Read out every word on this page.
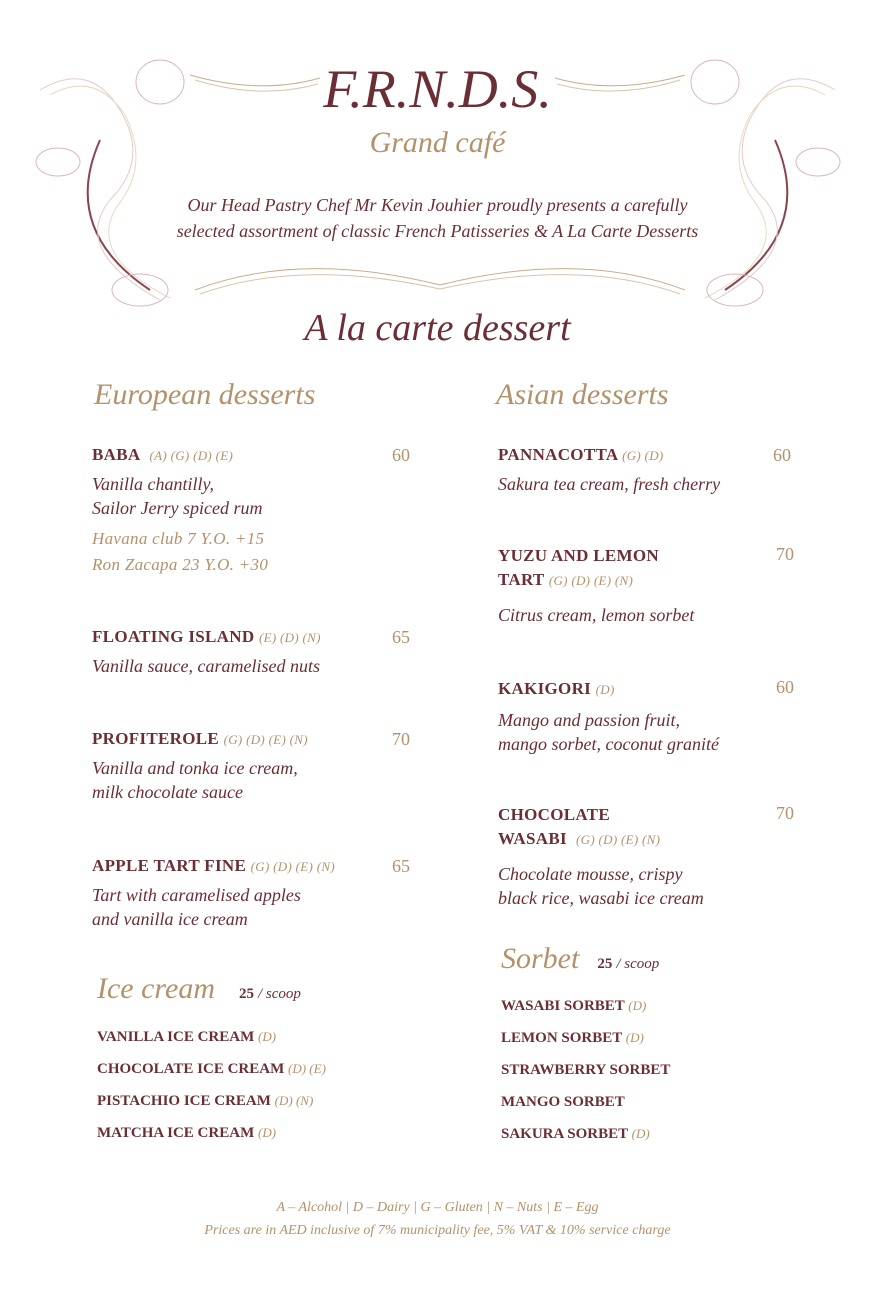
F.R.N.D.S.
Grand café
Our Head Pastry Chef Mr Kevin Jouhier proudly presents a carefully
selected assortment of classic French Patisseries & A La Carte Desserts
A la carte dessert
European desserts
BABA (A) (G) (D) (E)	60
Vanilla chantilly,
Sailor Jerry spiced rum
Havana club 7 Y.O. +15
Ron Zacapa 23 Y.O. +30
FLOATING ISLAND (E) (D) (N)	65
Vanilla sauce, caramelised nuts
PROFITEROLE (G) (D) (E) (N)	70
Vanilla and tonka ice cream,
milk chocolate sauce
APPLE TART FINE (G) (D) (E) (N)	65
Tart with caramelised apples
and vanilla ice cream
Asian desserts
PANNACOTTA (G) (D)	60
Sakura tea cream, fresh cherry
YUZU AND LEMON
TART (G) (D) (E) (N)
70
Citrus cream, lemon sorbet
KAKIGORI (D)	60
Mango and passion fruit,
mango sorbet, coconut granité
CHOCOLATE
WASABI (G) (D) (E) (N)
70
Chocolate mousse, crispy
black rice, wasabi ice cream
Ice cream 25 / scoop
VANILLA ICE CREAM (D)
CHOCOLATE ICE CREAM (D) (E)
PISTACHIO ICE CREAM (D) (N)
MATCHA ICE CREAM (D)
Sorbet 25 / scoop
WASABI SORBET (D)
LEMON SORBET (D)
STRAWBERRY SORBET
MANGO SORBET
SAKURA SORBET (D)
A – Alcohol | D – Dairy | G – Gluten | N – Nuts | E – Egg
Prices are in AED inclusive of 7% municipality fee, 5% VAT & 10% service charge
